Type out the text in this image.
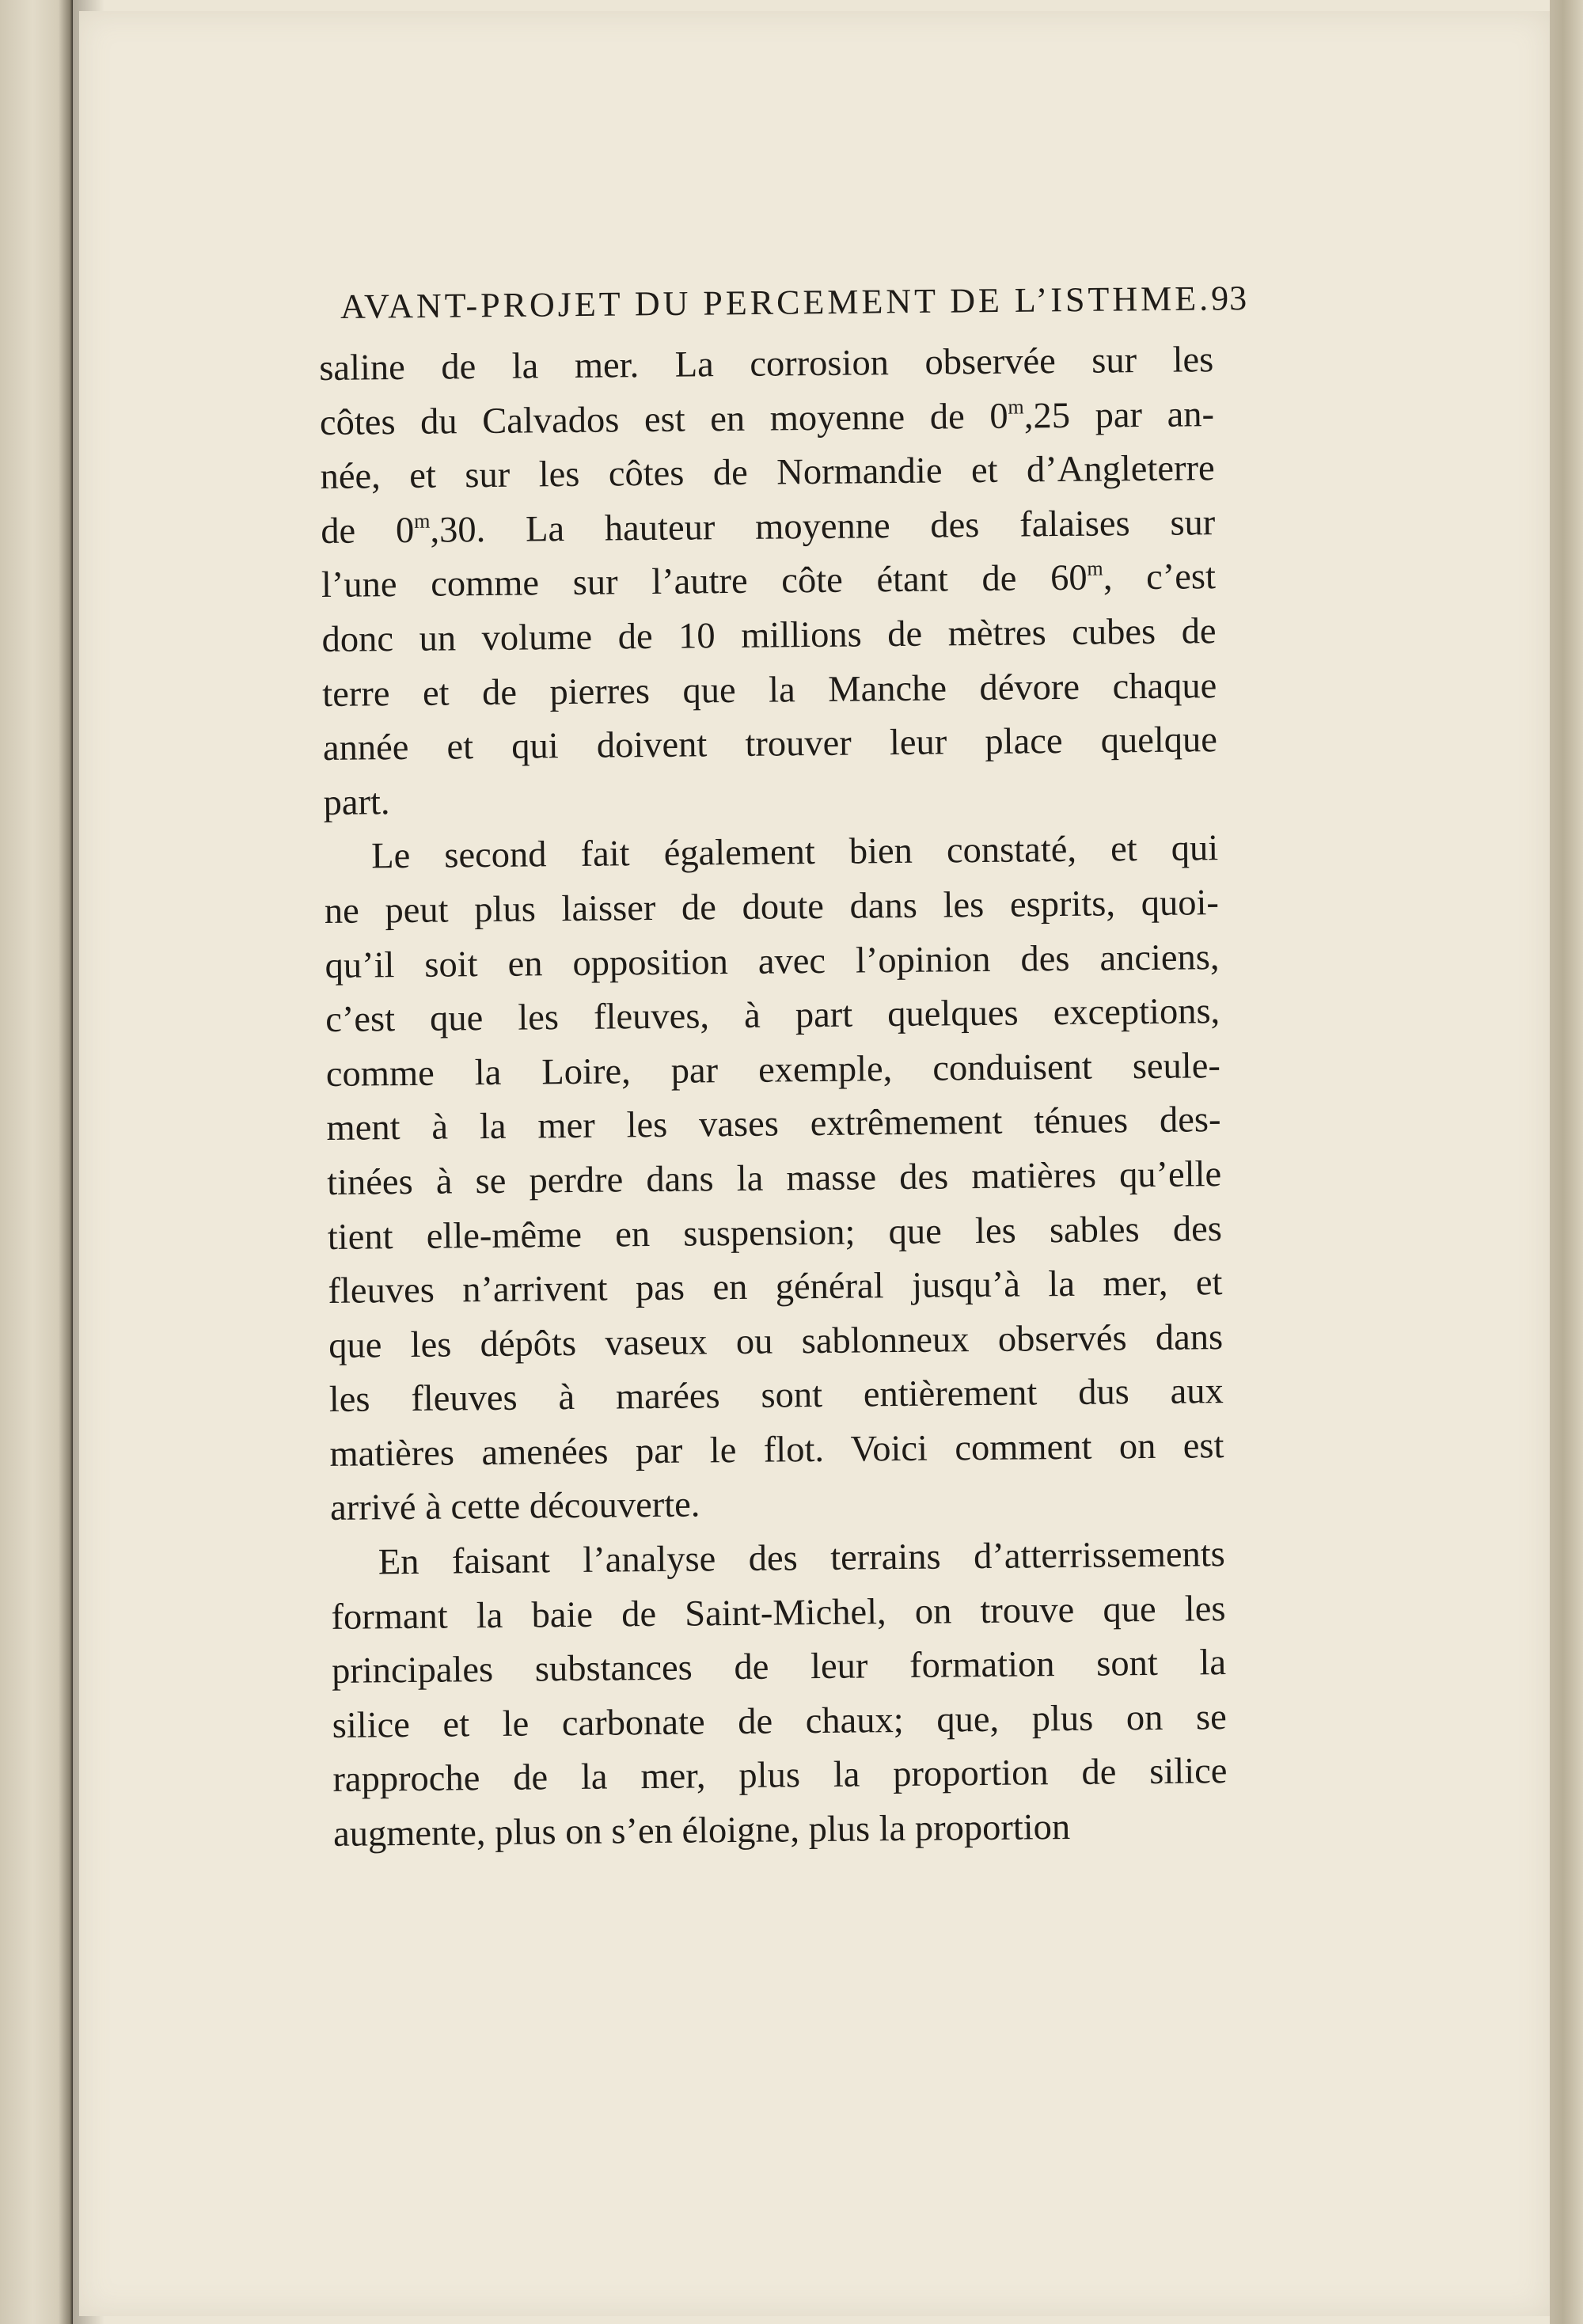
AVANT-PROJET DU PERCEMENT DE L’ISTHME. 93
saline de la mer. La corrosion observée sur les
côtes du Calvados est en moyenne de 0$^m$,25 par an-
née, et sur les côtes de Normandie et d’Angleterre
de 0$^m$,30. La hauteur moyenne des falaises sur
l’une comme sur l’autre côte étant de 60$^m$, c’est
donc un volume de 10 millions de mètres cubes de
terre et de pierres que la Manche dévore chaque
année et qui doivent trouver leur place quelque
part.
Le second fait également bien constaté, et qui
ne peut plus laisser de doute dans les esprits, quoi-
qu’il soit en opposition avec l’opinion des anciens,
c’est que les fleuves, à part quelques exceptions,
comme la Loire, par exemple, conduisent seule-
ment à la mer les vases extrêmement ténues des-
tinées à se perdre dans la masse des matières qu’elle
tient elle-même en suspension; que les sables des
fleuves n’arrivent pas en général jusqu’à la mer, et
que les dépôts vaseux ou sablonneux observés dans
les fleuves à marées sont entièrement dus aux
matières amenées par le flot. Voici comment on est
arrivé à cette découverte.
En faisant l’analyse des terrains d’atterrissements
formant la baie de Saint-Michel, on trouve que les
principales substances de leur formation sont la
silice et le carbonate de chaux; que, plus on se
rapproche de la mer, plus la proportion de silice
augmente, plus on s’en éloigne, plus la proportion
